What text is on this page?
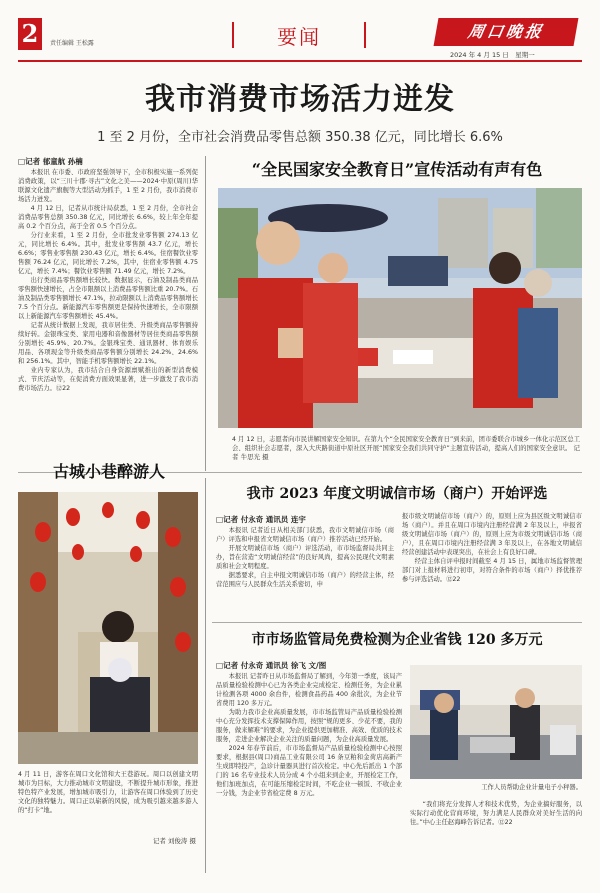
2	责任编辑 王松露	要闻	周口晚报
2024 年 4 月 15 日　星期一
我市消费市场活力迸发
1 至 2 月份，全市社会消费品零售总额 350.38 亿元，同比增长 6.6%
□记者 郁童航 孙楠

本报讯 在市委、市政府坚强领导下，全市积极实施一系列促消费政策，以“三川十郡·寻古”文化之美——2024·中原(周川)华联源文化遗产旗舰等大型活动为抓手，1 至 2 月份，我市消费市场活力迸发。

4 月 12 日，记者从市统计局获悉，1 至 2 月份，全市社会消费品零售总额 350.38 亿元，同比增长 6.6%，较上年全年提高 0.2 个百分点，高于全省 0.5 个百分点。

分行业来看，1 至 2 月份，全市批发业零售额 274.13 亿元，同比增长 6.4%。其中，批发业零售额 43.7 亿元，增长 6.6%；零售业零售额 230.43 亿元，增长 6.4%。住宿餐饮业零售额 76.24 亿元，同比增长 7.2%，其中，住宿业零售额 4.75 亿元，增长 7.4%；餐饮业零售额 71.49 亿元，增长 7.2%。

出行类商品零售额增长较快。数据显示，石油及制品类商品零售额快速增长，占全市限额以上消费品零售额比重 20.7%。石油及制品类零售额增长 47.1%，拉动限额以上消费品零售额增长 7.5 个百分点。新能源汽车零售额更是保持快速增长，全市限额以上新能源汽车零售额增长 45.4%。

记者从统计数据上发现，我市居住类、升级类商品零售额持续好转。金银珠宝类、家用电器和音像器材等居住类商品零售额分别增长 45.9%、20.7%。金银珠宝类、通讯器材、体育娱乐用品、各项现金等升级类商品零售额分别增长 24.2%、24.6%和 256.1%。其中，智能手机零售额增长 22.1%。

业内专家认为，我市结合自身资源禀赋推出的新型消费模式、节庆活动等，在促消费方面效果显著，进一步激发了我市消费市场活力。⑫22

“全民国家安全教育日”宣传活动有声有色
4 月 12 日，志愿者向市民讲解国家安全知识。在第九个“全民国家安全教育日”到来前，团市委联合市城乡一体化示范区总工会、组织社会志愿者，深入大庆路街道中原社区开展“国家安全我们共同守护”主题宣传活动，提高人们的国家安全意识。 记者 牛思光 摄
古城小巷醉游人
4 月 11 日，游客在周口文化馆和大王巷游玩。周口以创建文明城市为目标，大力推动城市文明建设，不断提升城市形象，推进特色特产业发展，增加城市吸引力，让游客在周口体验到了历史文化的独特魅力。周口正以崭新的风貌，成为吸引越来越多游人的“打卡”地。
记者 刘俊涛 摄
我市 2023 年度文明诚信市场（商户）开始评选
□记者 付永奇 通讯员 连宇

本报讯 记者近日从相关部门获悉，我市文明诚信市场（商户）评选和申报省文明诚信市场（商户）推荐活动已经开始。

开展文明诚信市场（商户）评选活动，市市场监督局共同主办，旨在营造“文明诚信经营”的良好风尚，提高公民现代文明素质和社会文明程度。

据悉要求，自主申报文明诚信市场（商户）的经营主体，经营范围应与人民群众生活关系密切，申

报市级文明诚信市场（商户）的，原则上应为县区级文明诚信市场（商户）。并且在周口市境内注册经营满 2 年及以上，申报省级文明诚信市场（商户）的，原则上应为市级文明诚信市场（商户），且在周口市境内注册经营满 3 年及以上，在各地文明诚信经营创建活动中表现突出，在社会上有良好口碑。

经营主体自评申报时间截至 4 月 15 日，属地市场监督管理部门对上报材料进行初审，对符合条件的市场（商户）择优推荐参与评选活动。⑫22

市市场监管局免费检测为企业省钱 120 多万元
□记者 付永奇 通讯员 徐飞 文/图

本报讯 记者昨日从市场监督局了解到，今年第一季度，该局产品质量检验检测中心已为各类企业完成检定、检测任务，为企业累计检测各项 4000 余台件，检测食品药品 400 余批次，为企业节省费用 120 多万元。

为助力我市企业高质量发展，市市场监管局产品质量检验检测中心充分发挥技术支撑保障作用，按照“规的更多、少花不要，我的服务，做来解难”的要求，为企业提供更加精准、高效、优质的技术服务，走进企业解决企业关注的质量问题，为企业高质量发展。

2024 年春节前后，市市场监督局产品质量检验检测中心按照要求，根据县(周口)商品工业有限公司 16 条豆粕和金荷店高新产生成即特投产，急诊计量器具进行首次检定。中心先后派出 1 个部门的 16 名专业技术人员分成 4 个小组来到企业，开展检定工作，他们加班加点，在可能压缩检定时间，不吃企业一顿饭、不收企业一分钱，为企业节省检定费 8 万元。

工作人员帮助企业计量电子小秤器。

“我们将充分发挥人才和技术优势，为企业搞好服务，以实际行动优化营商环境，努力满足人民群众对美好生活的向往。”中心主任赵海峰告诉记者。⑫22
